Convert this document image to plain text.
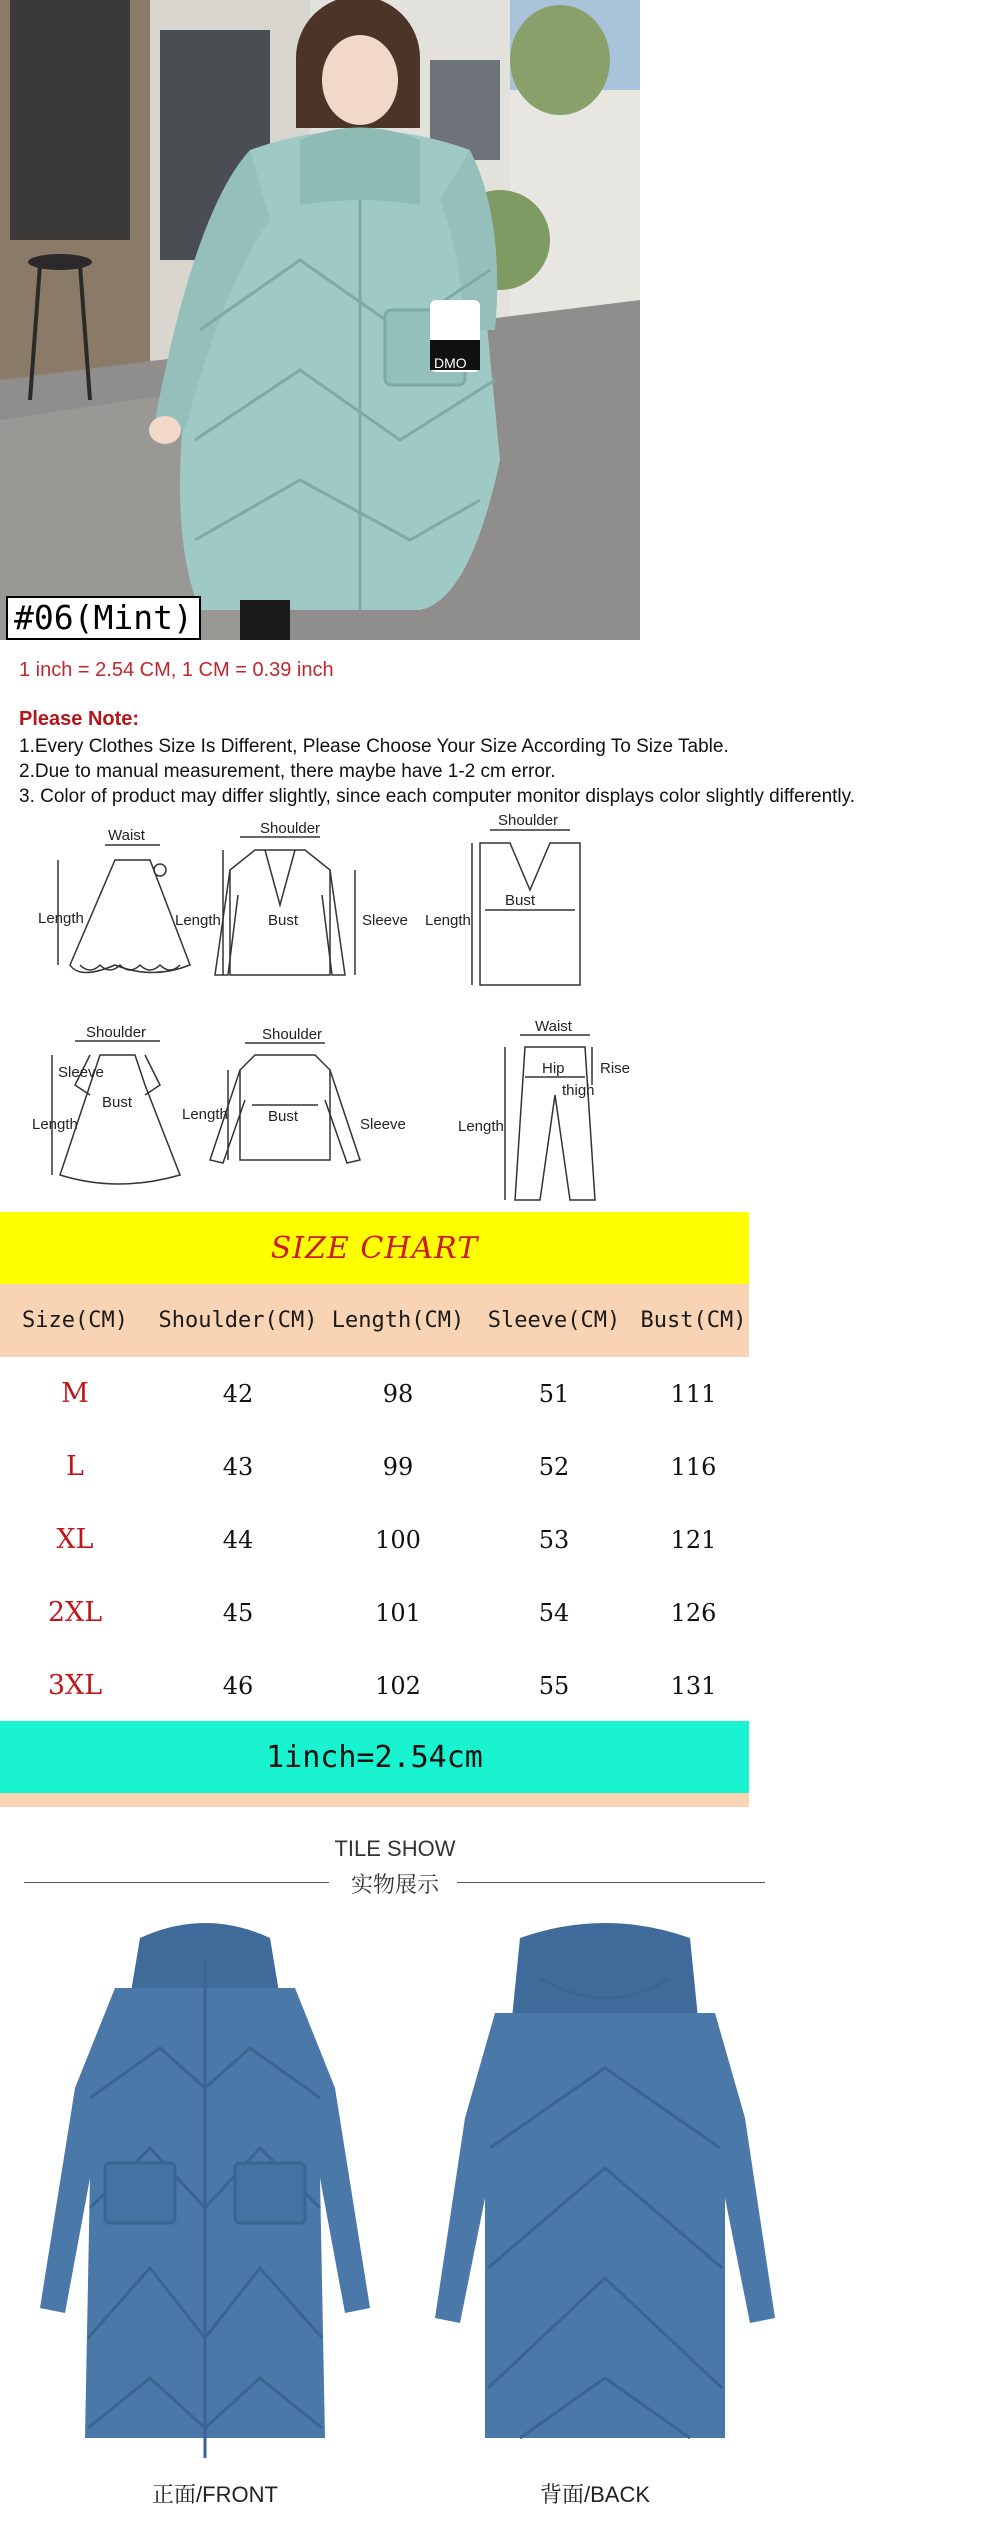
DMO
#06(Mint)
1 inch = 2.54 CM, 1 CM = 0.39 inch
Please Note:
1.Every Clothes Size Is Different, Please Choose Your Size According To Size Table.
2.Due to manual measurement, there maybe have 1-2 cm error.
3. Color of product may differ slightly, since each computer monitor displays color slightly differently.
Waist
Length
Shoulder
Length	Bust	Sleeve
Shoulder
Bust
Length
Shoulder
Sleeve
Bust
Length
Shoulder
Length	Bust	Sleeve
Waist
Hip Rise
thigh
Length
SIZE CHART
Size(CM)	Shoulder(CM) Length(CM)	Sleeve(CM) Bust(CM)
M	42	98	51	111
L	43	99	52	116
XL	44	100	53	121
2XL	45	101	54	126
3XL	46	102	55	131
1inch=2.54cm
TILE SHOW
实物展示
正面/FRONT	背面/BACK
